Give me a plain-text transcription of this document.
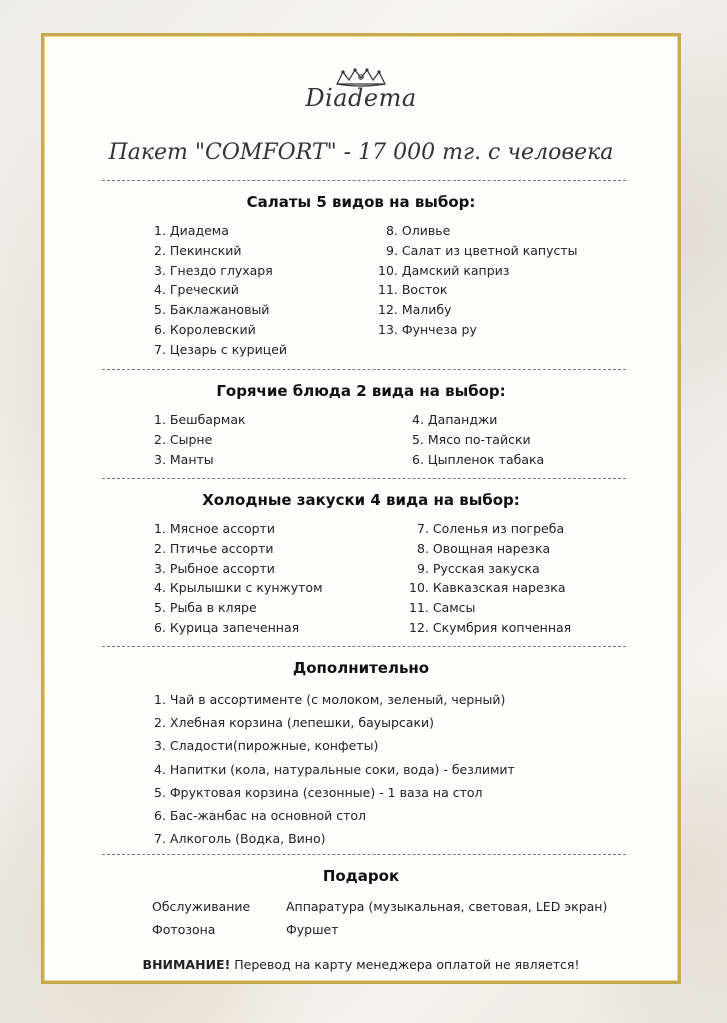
Diadema
Пакет "COMFORT" - 17 000 тг. с человека
Салаты 5 видов на выбор:
1. Диадема
2. Пекинский
3. Гнездо глухаря
4. Греческий
5. Баклажановый
6. Королевский
7. Цезарь с курицей
8. Оливье
9. Салат из цветной капусты
10. Дамский каприз
11. Восток
12. Малибу
13. Фунчеза ру
Горячие блюда 2 вида на выбор:
1. Бешбармак
2. Сырне
3. Манты
4. Дапанджи
5. Мясо по-тайски
6. Цыпленок табака
Холодные закуски 4 вида на выбор:
1. Мясное ассорти
2. Птичье ассорти
3. Рыбное ассорти
4. Крылышки с кунжутом
5. Рыба в кляре
6. Курица запеченная
7. Соленья из погреба
8. Овощная нарезка
9. Русская закуска
10. Кавказская нарезка
11. Самсы
12. Скумбрия копченная
Дополнительно
1. Чай в ассортименте (с молоком, зеленый, черный)
2. Хлебная корзина (лепешки, бауырсаки)
3. Сладости(пирожные, конфеты)
4. Напитки (кола, натуральные соки, вода) - безлимит
5. Фруктовая корзина (сезонные) - 1 ваза на стол
6. Бас-жанбас на основной стол
7. Алкоголь (Водка, Вино)
Подарок
Обслуживание
Фотозона
Аппаратура (музыкальная, световая, LED экран)
Фуршет
ВНИМАНИЕ! Перевод на карту менеджера оплатой не является!
